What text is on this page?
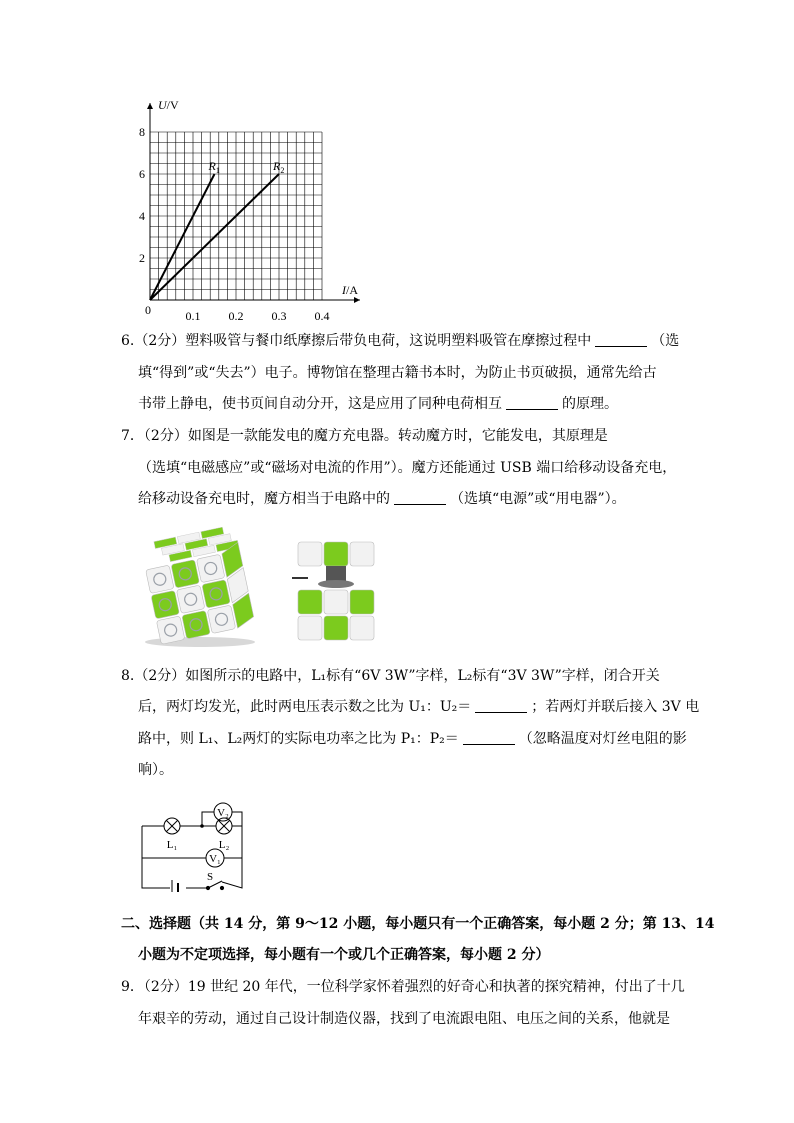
$R_1$	$R_2$
0.1 0.2 0.3 0.4
2
4
6
8
0
I/A
U/V
6.（2分）塑料吸管与餐巾纸摩擦后带负电荷，这说明塑料吸管在摩擦过程中	（选
填“得到”或“失去”）电子。博物馆在整理古籍书本时，为防止书页破损，通常先给古
书带上静电，使书页间自动分开，这是应用了同种电荷相互	的原理。
7．（2分）如图是一款能发电的魔方充电器。转动魔方时，它能发电，其原理是
（选填“电磁感应”或“磁场对电流的作用”）。魔方还能通过 USB 端口给移动设备充电，
给移动设备充电时，魔方相当于电路中的	（选填“电源”或“用电器”）。
8.（2分）如图所示的电路中，L₁标有“6V 3W”字样，L₂标有“3V 3W”字样，闭合开关
后，两灯均发光，此时两电压表示数之比为 U₁：U₂＝	；若两灯并联后接入 3V 电
路中，则 L₁、L₂两灯的实际电功率之比为 P₁：P₂＝	（忽略温度对灯丝电阻的影
响）。
V₂
V₁
L₁	L₂
S
二、选择题（共 14 分，第 9～12 小题，每小题只有一个正确答案，每小题 2 分；第 13、14
小题为不定项选择，每小题有一个或几个正确答案，每小题 2 分）
9．（2分）19 世纪 20 年代，一位科学家怀着强烈的好奇心和执著的探究精神，付出了十几
年艰辛的劳动，通过自己设计制造仪器，找到了电流跟电阻、电压之间的关系，他就是
